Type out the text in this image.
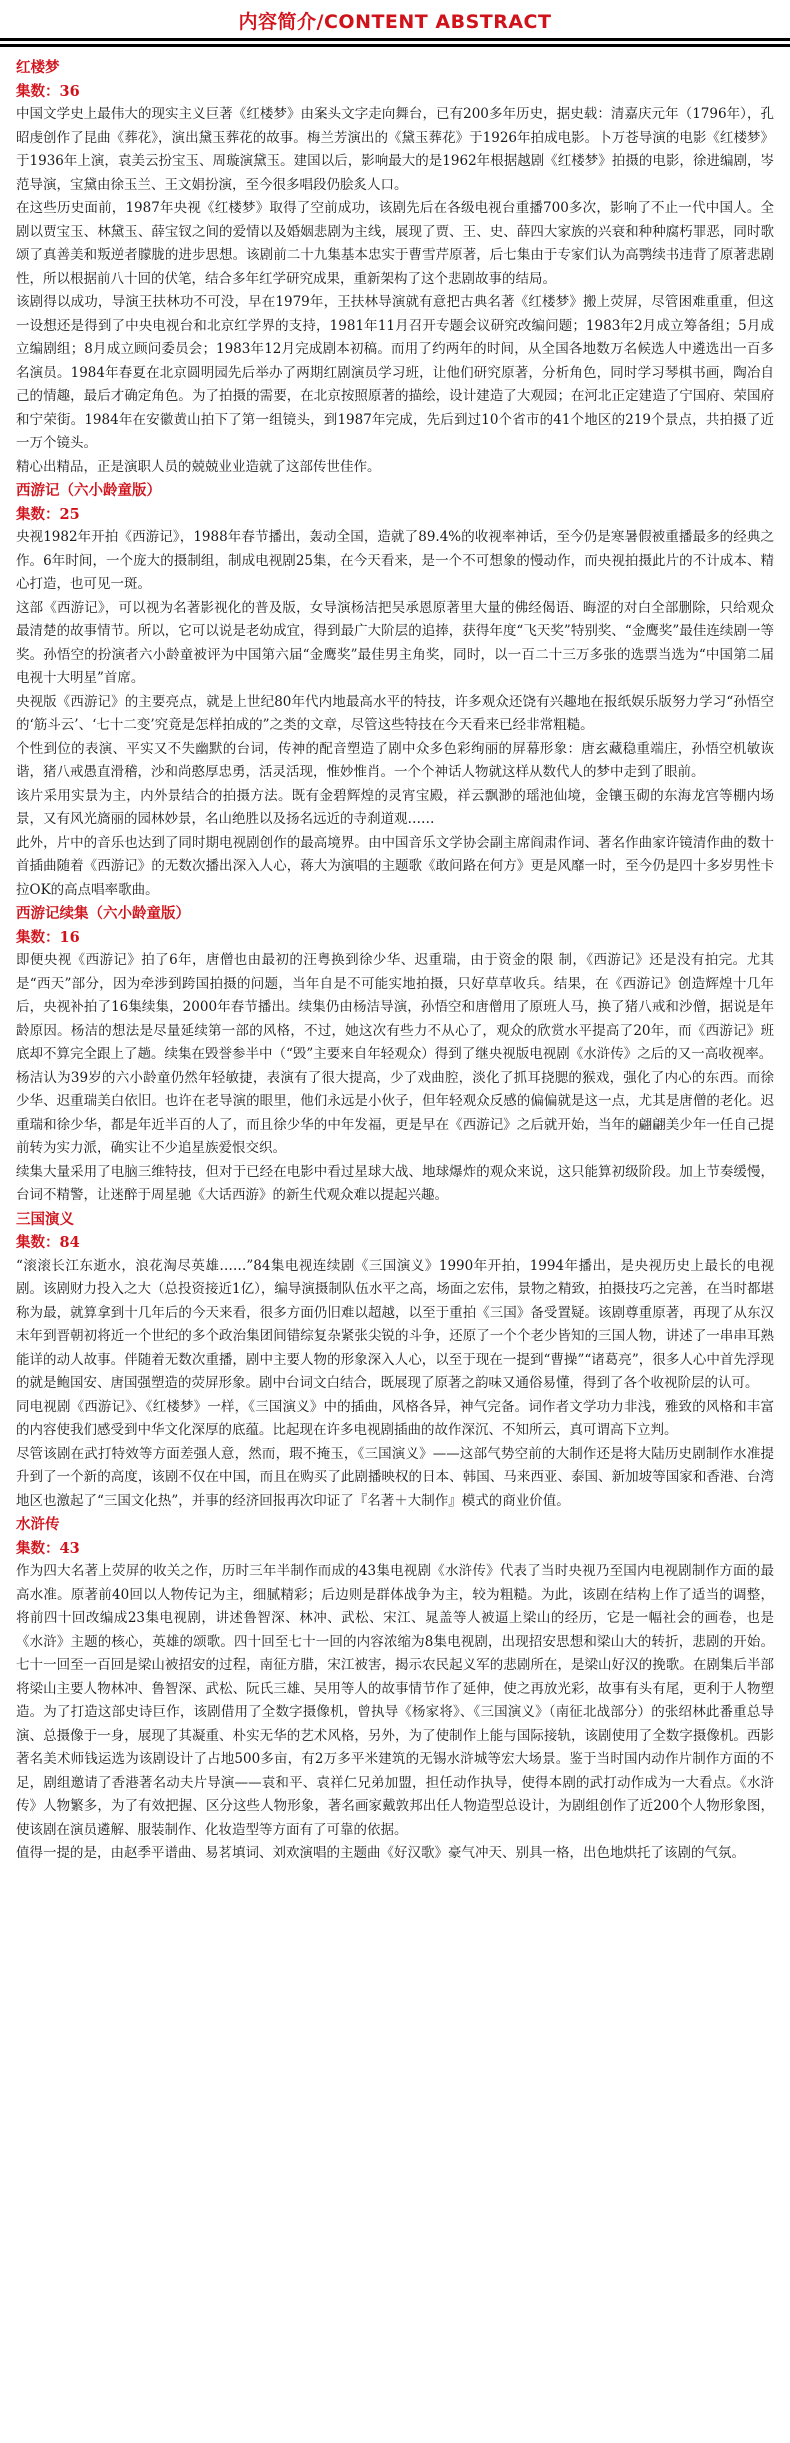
内容简介/CONTENT ABSTRACT
红楼梦
集数：36

中国文学史上最伟大的现实主义巨著《红楼梦》由案头文字走向舞台，已有200多年历史，据史载：清嘉庆元年（1796年），孔昭虔创作了昆曲《葬花》，演出黛玉葬花的故事。梅兰芳演出的《黛玉葬花》于1926年拍成电影。卜万苍导演的电影《红楼梦》于1936年上演，袁美云扮宝玉、周璇演黛玉。建国以后，影响最大的是1962年根据越剧《红楼梦》拍摄的电影，徐进编剧，岑范导演，宝黛由徐玉兰、王文娟扮演，至今很多唱段仍脍炙人口。

在这些历史面前，1987年央视《红楼梦》取得了空前成功，该剧先后在各级电视台重播700多次，影响了不止一代中国人。全剧以贾宝玉、林黛玉、薛宝钗之间的爱情以及婚姻悲剧为主线，展现了贾、王、史、薛四大家族的兴衰和种种腐朽罪恶，同时歌颂了真善美和叛逆者朦胧的进步思想。该剧前二十九集基本忠实于曹雪芹原著，后七集由于专家们认为高鹗续书违背了原著悲剧性，所以根据前八十回的伏笔，结合多年红学研究成果，重新架构了这个悲剧故事的结局。

该剧得以成功，导演王扶林功不可没，早在1979年，王扶林导演就有意把古典名著《红楼梦》搬上荧屏，尽管困难重重，但这一设想还是得到了中央电视台和北京红学界的支持，1981年11月召开专题会议研究改编问题；1983年2月成立筹备组；5月成立编剧组；8月成立顾问委员会；1983年12月完成剧本初稿。而用了约两年的时间，从全国各地数万名候选人中遴选出一百多名演员。1984年春夏在北京圆明园先后举办了两期红剧演员学习班，让他们研究原著，分析角色，同时学习琴棋书画，陶冶自己的情趣，最后才确定角色。为了拍摄的需要，在北京按照原著的描绘，设计建造了大观园；在河北正定建造了宁国府、荣国府和宁荣街。1984年在安徽黄山拍下了第一组镜头，到1987年完成，先后到过10个省市的41个地区的219个景点，共拍摄了近一万个镜头。

精心出精品，正是演职人员的兢兢业业造就了这部传世佳作。

西游记（六小龄童版）
集数：25

央视1982年开拍《西游记》，1988年春节播出，轰动全国，造就了89.4%的收视率神话，至今仍是寒暑假被重播最多的经典之作。6年时间，一个庞大的摄制组，制成电视剧25集，在今天看来，是一个不可想象的慢动作，而央视拍摄此片的不计成本、精心打造，也可见一斑。

这部《西游记》，可以视为名著影视化的普及版，女导演杨洁把吴承恩原著里大量的佛经偈语、晦涩的对白全部删除，只给观众最清楚的故事情节。所以，它可以说是老幼成宜，得到最广大阶层的追捧，获得年度“飞天奖”特别奖、“金鹰奖”最佳连续剧一等奖。孙悟空的扮演者六小龄童被评为中国第六届“金鹰奖”最佳男主角奖，同时，以一百二十三万多张的选票当选为“中国第二届电视十大明星”首席。

央视版《西游记》的主要亮点，就是上世纪80年代内地最高水平的特技，许多观众还饶有兴趣地在报纸娱乐版努力学习“孙悟空的‘筋斗云’、‘七十二变’究竟是怎样拍成的”之类的文章，尽管这些特技在今天看来已经非常粗糙。

个性到位的表演、平实又不失幽默的台词，传神的配音塑造了剧中众多色彩绚丽的屏幕形象：唐玄藏稳重端庄，孙悟空机敏诙谐，猪八戒愚直滑稽，沙和尚憨厚忠勇，活灵活现，惟妙惟肖。一个个神话人物就这样从数代人的梦中走到了眼前。

该片采用实景为主，内外景结合的拍摄方法。既有金碧辉煌的灵宵宝殿，祥云飘渺的瑶池仙境，金镶玉砌的东海龙宫等棚内场景，又有风光旖丽的园林妙景，名山绝胜以及扬名远近的寺刹道观……

此外，片中的音乐也达到了同时期电视剧创作的最高境界。由中国音乐文学协会副主席阎肃作词、著名作曲家许镜清作曲的数十首插曲随着《西游记》的无数次播出深入人心，蒋大为演唱的主题歌《敢问路在何方》更是风靡一时，至今仍是四十多岁男性卡拉OK的高点唱率歌曲。

西游记续集（六小龄童版）
集数：16

即便央视《西游记》拍了6年，唐僧也由最初的汪粤换到徐少华、迟重瑞，由于资金的限 制，《西游记》还是没有拍完。尤其是“西天”部分，因为牵涉到跨国拍摄的问题，当年自是不可能实地拍摄，只好草草收兵。结果，在《西游记》创造辉煌十几年后，央视补拍了16集续集，2000年春节播出。续集仍由杨洁导演，孙悟空和唐僧用了原班人马，换了猪八戒和沙僧，据说是年龄原因。杨洁的想法是尽量延续第一部的风格，不过，她这次有些力不从心了，观众的欣赏水平提高了20年，而《西游记》班底却不算完全跟上了趟。续集在毁誉参半中（“毁”主要来自年轻观众）得到了继央视版电视剧《水浒传》之后的又一高收视率。

杨洁认为39岁的六小龄童仍然年轻敏捷，表演有了很大提高，少了戏曲腔，淡化了抓耳挠腮的猴戏，强化了内心的东西。而徐少华、迟重瑞美白依旧。也许在老导演的眼里，他们永远是小伙子，但年轻观众反感的偏偏就是这一点，尤其是唐僧的老化。迟重瑞和徐少华，都是年近半百的人了，而且徐少华的中年发福，更是早在《西游记》之后就开始，当年的翩翩美少年一任自己提前转为实力派，确实让不少追星族爱恨交织。

续集大量采用了电脑三维特技，但对于已经在电影中看过星球大战、地球爆炸的观众来说，这只能算初级阶段。加上节奏缓慢，台词不精警，让迷醉于周星驰《大话西游》的新生代观众难以提起兴趣。

三国演义
集数：84

“滚滚长江东逝水，浪花淘尽英雄……”84集电视连续剧《三国演义》1990年开拍，1994年播出，是央视历史上最长的电视剧。该剧财力投入之大（总投资接近1亿），编导演摄制队伍水平之高，场面之宏伟，景物之精致，拍摄技巧之完善，在当时都堪称为最，就算拿到十几年后的今天来看，很多方面仍旧难以超越，以至于重拍《三国》备受置疑。该剧尊重原著，再现了从东汉末年到晋朝初将近一个世纪的多个政治集团间错综复杂紧张尖锐的斗争，还原了一个个老少皆知的三国人物，讲述了一串串耳熟能详的动人故事。伴随着无数次重播，剧中主要人物的形象深入人心，以至于现在一提到“曹操”“诸葛亮”，很多人心中首先浮现的就是鲍国安、唐国强塑造的荧屏形象。剧中台词文白结合，既展现了原著之韵味又通俗易懂，得到了各个收视阶层的认可。

同电视剧《西游记》、《红楼梦》一样，《三国演义》中的插曲，风格各异，神气完备。词作者文学功力非浅，雅致的风格和丰富的内容使我们感受到中华文化深厚的底蕴。比起现在许多电视剧插曲的故作深沉、不知所云，真可谓高下立判。

尽管该剧在武打特效等方面差强人意，然而，瑕不掩玉，《三国演义》——这部气势空前的大制作还是将大陆历史剧制作水准提升到了一个新的高度，该剧不仅在中国，而且在购买了此剧播映权的日本、韩国、马来西亚、泰国、新加坡等国家和香港、台湾地区也激起了“三国文化热”，并事的经济回报再次印证了『名著＋大制作』模式的商业价值。

水浒传
集数：43

作为四大名著上荧屏的收关之作，历时三年半制作而成的43集电视剧《水浒传》代表了当时央视乃至国内电视剧制作方面的最高水准。原著前40回以人物传记为主，细腻精彩；后边则是群体战争为主，较为粗糙。为此，该剧在结构上作了适当的调整，将前四十回改编成23集电视剧，讲述鲁智深、林冲、武松、宋江、晁盖等人被逼上梁山的经历，它是一幅社会的画卷，也是《水浒》主题的核心，英雄的颂歌。四十回至七十一回的内容浓缩为8集电视剧，出现招安思想和梁山大的转折，悲剧的开始。七十一回至一百回是梁山被招安的过程，南征方腊，宋江被害，揭示农民起义军的悲剧所在，是梁山好汉的挽歌。在剧集后半部将梁山主要人物林冲、鲁智深、武松、阮氏三雄、吴用等人的故事情节作了延伸，使之再放光彩，故事有头有尾，更利于人物塑造。为了打造这部史诗巨作，该剧借用了全数字摄像机，曾执导《杨家将》、《三国演义》（南征北战部分）的张绍林此番重总导演、总摄像于一身，展现了其凝重、朴实无华的艺术风格，另外，为了使制作上能与国际接轨，该剧使用了全数字摄像机。西影著名美术师钱运选为该剧设计了占地500多亩，有2万多平米建筑的无锡水浒城等宏大场景。鉴于当时国内动作片制作方面的不足，剧组邀请了香港著名动夫片导演——袁和平、袁祥仁兄弟加盟，担任动作执导，使得本剧的武打动作成为一大看点。《水浒传》人物繁多，为了有效把握、区分这些人物形象，著名画家戴敦邦出任人物造型总设计，为剧组创作了近200个人物形象图，使该剧在演员遴解、服装制作、化妆造型等方面有了可靠的依据。

值得一提的是，由赵季平谱曲、易茗填词、刘欢演唱的主题曲《好汉歌》豪气冲天、别具一格，出色地烘托了该剧的气氛。
